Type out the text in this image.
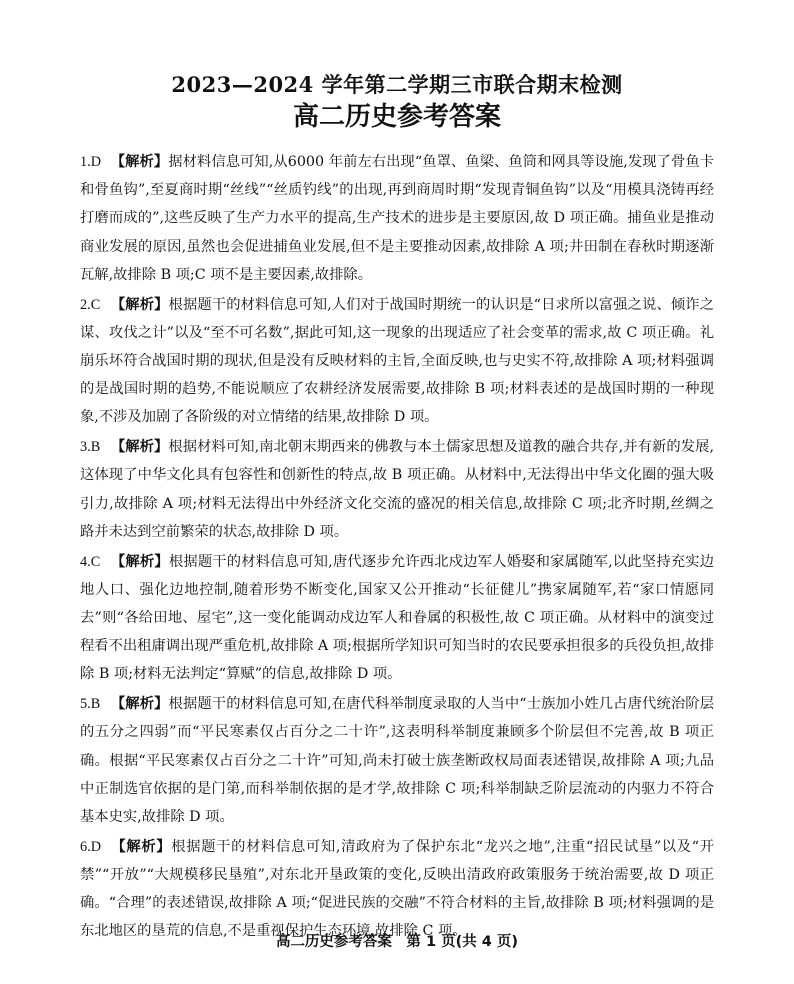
2023—2024 学年第二学期三市联合期末检测
高二历史参考答案

1.D 【解析】据材料信息可知,从6000 年前左右出现“鱼罩、鱼梁、鱼筒和网具等设施,发现了骨鱼卡和骨鱼钩”,至夏商时期“丝线”“丝质钓线”的出现,再到商周时期“发现青铜鱼钩”以及“用模具浇铸再经打磨而成的”,这些反映了生产力水平的提高,生产技术的进步是主要原因,故 D 项正确。捕鱼业是推动商业发展的原因,虽然也会促进捕鱼业发展,但不是主要推动因素,故排除 A 项;井田制在春秋时期逐渐瓦解,故排除 B 项;C 项不是主要因素,故排除。

2.C 【解析】根据题干的材料信息可知,人们对于战国时期统一的认识是“日求所以富强之说、倾诈之谋、攻伐之计”以及“至不可名数”,据此可知,这一现象的出现适应了社会变革的需求,故 C 项正确。礼崩乐坏符合战国时期的现状,但是没有反映材料的主旨,全面反映,也与史实不符,故排除 A 项;材料强调的是战国时期的趋势,不能说顺应了农耕经济发展需要,故排除 B 项;材料表述的是战国时期的一种现象,不涉及加剧了各阶级的对立情绪的结果,故排除 D 项。

3.B 【解析】根据材料可知,南北朝末期西来的佛教与本土儒家思想及道教的融合共存,并有新的发展,这体现了中华文化具有包容性和创新性的特点,故 B 项正确。从材料中,无法得出中华文化圈的强大吸引力,故排除 A 项;材料无法得出中外经济文化交流的盛况的相关信息,故排除 C 项;北齐时期,丝绸之路并未达到空前繁荣的状态,故排除 D 项。

4.C 【解析】根据题干的材料信息可知,唐代逐步允许西北戍边军人婚娶和家属随军,以此坚持充实边地人口、强化边地控制,随着形势不断变化,国家又公开推动“长征健儿”携家属随军,若“家口情愿同去”则“各给田地、屋宅”,这一变化能调动戍边军人和眷属的积极性,故 C 项正确。从材料中的演变过程看不出租庸调出现严重危机,故排除 A 项;根据所学知识可知当时的农民要承担很多的兵役负担,故排除 B 项;材料无法判定“算赋”的信息,故排除 D 项。

5.B 【解析】根据题干的材料信息可知,在唐代科举制度录取的人当中“士族加小姓几占唐代统治阶层的五分之四弱”而“平民寒素仅占百分之二十许”,这表明科举制度兼顾多个阶层但不完善,故 B 项正确。根据“平民寒素仅占百分之二十许”可知,尚未打破士族垄断政权局面表述错误,故排除 A 项;九品中正制选官依据的是门第,而科举制依据的是才学,故排除 C 项;科举制缺乏阶层流动的内驱力不符合基本史实,故排除 D 项。

6.D 【解析】根据题干的材料信息可知,清政府为了保护东北“龙兴之地”,注重“招民试垦”以及“开禁”“开放”“大规模移民垦殖”,对东北开垦政策的变化,反映出清政府政策服务于统治需要,故 D 项正确。“合理”的表述错误,故排除 A 项;“促进民族的交融”不符合材料的主旨,故排除 B 项;材料强调的是东北地区的垦荒的信息,不是重视保护生态环境,故排除 C 项。

高二历史参考答案　第 1 页(共 4 页)
